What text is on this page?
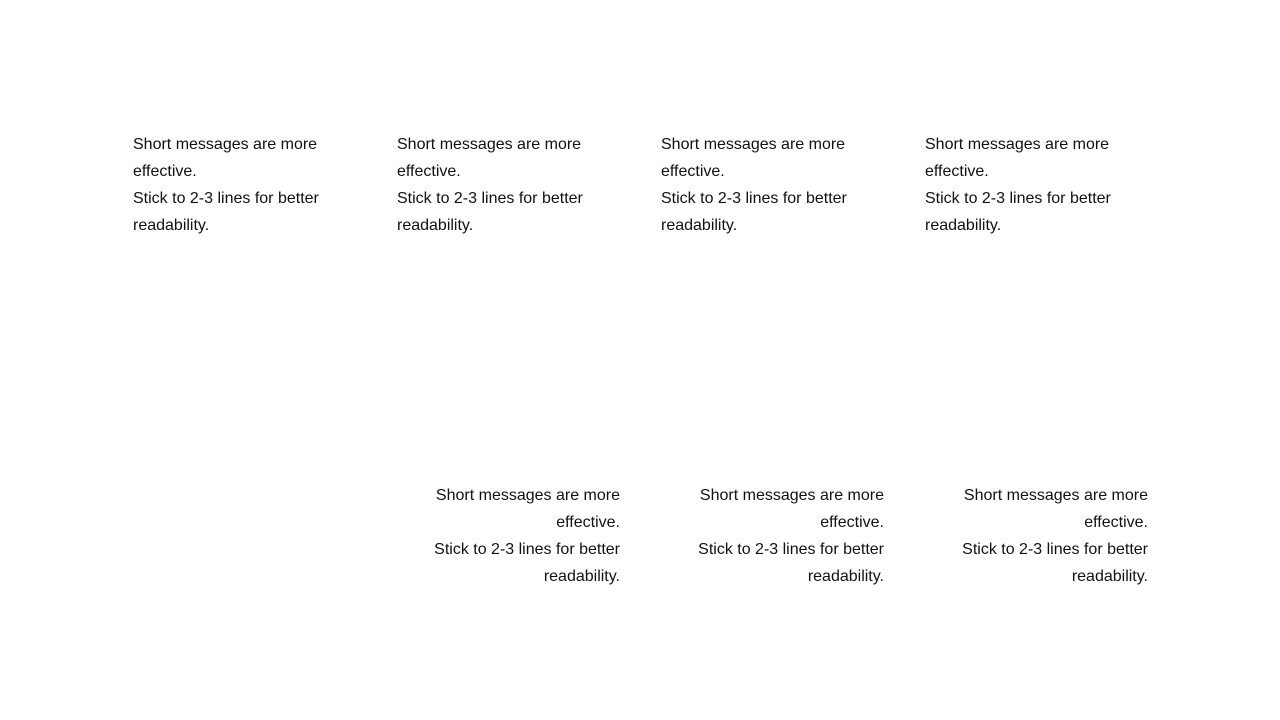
Short messages are more effective.

Stick to 2-3 lines for better readability.

Short messages are more effective.

Stick to 2-3 lines for better readability.

Short messages are more effective.

Stick to 2-3 lines for better readability.

Short messages are more effective.

Stick to 2-3 lines for better readability.

Short messages are more effective.

Stick to 2-3 lines for better readability.

Short messages are more effective.

Stick to 2-3 lines for better readability.

Short messages are more effective.

Stick to 2-3 lines for better readability.
